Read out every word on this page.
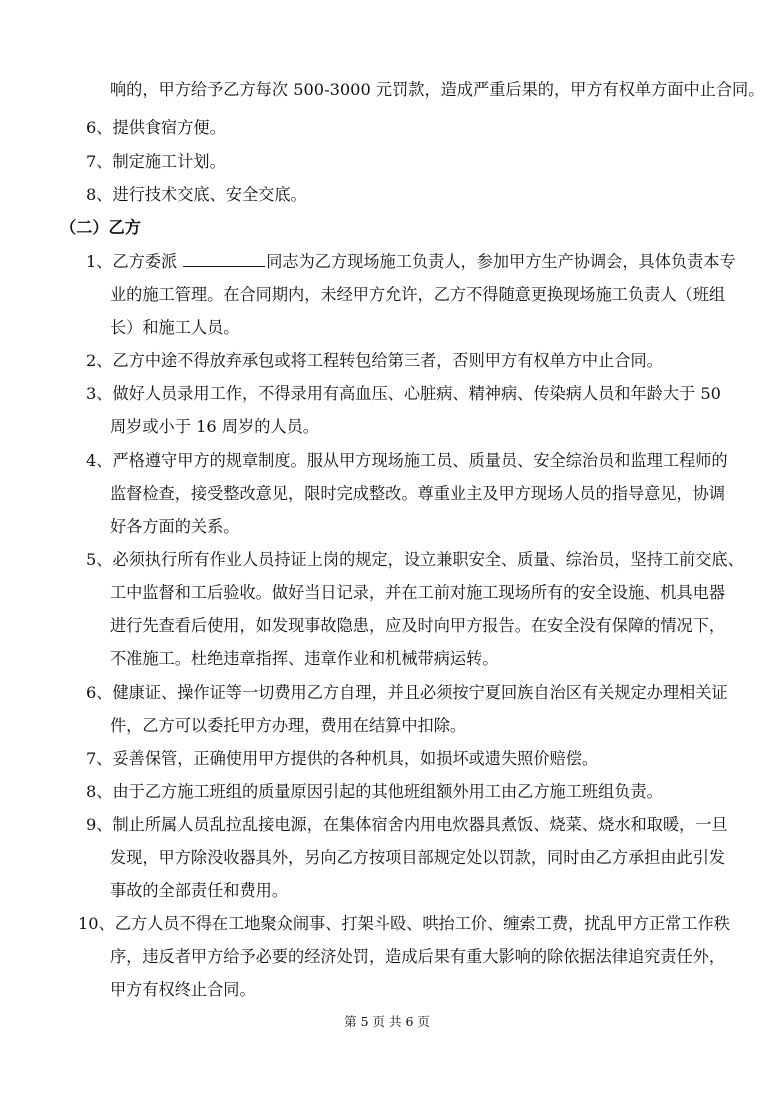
响的，甲方给予乙方每次 500-3000 元罚款，造成严重后果的，甲方有权单方面中止合同。
6、提供食宿方便。
7、制定施工计划。
8、进行技术交底、安全交底。
（二）乙方
1、乙方委派	同志为乙方现场施工负责人，参加甲方生产协调会，具体负责本专
业的施工管理。在合同期内，未经甲方允许，乙方不得随意更换现场施工负责人（班组
长）和施工人员。
2、乙方中途不得放弃承包或将工程转包给第三者，否则甲方有权单方中止合同。
3、做好人员录用工作，不得录用有高血压、心脏病、精神病、传染病人员和年龄大于 50
周岁或小于 16 周岁的人员。
4、严格遵守甲方的规章制度。服从甲方现场施工员、质量员、安全综治员和监理工程师的
监督检查，接受整改意见，限时完成整改。尊重业主及甲方现场人员的指导意见，协调
好各方面的关系。
5、必须执行所有作业人员持证上岗的规定，设立兼职安全、质量、综治员，坚持工前交底、
工中监督和工后验收。做好当日记录，并在工前对施工现场所有的安全设施、机具电器
进行先查看后使用，如发现事故隐患，应及时向甲方报告。在安全没有保障的情况下，
不准施工。杜绝违章指挥、违章作业和机械带病运转。
6、健康证、操作证等一切费用乙方自理，并且必须按宁夏回族自治区有关规定办理相关证
件，乙方可以委托甲方办理，费用在结算中扣除。
7、妥善保管，正确使用甲方提供的各种机具，如损坏或遗失照价赔偿。
8、由于乙方施工班组的质量原因引起的其他班组额外用工由乙方施工班组负责。
9、制止所属人员乱拉乱接电源，在集体宿舍内用电炊器具煮饭、烧菜、烧水和取暖，一旦
发现，甲方除没收器具外，另向乙方按项目部规定处以罚款，同时由乙方承担由此引发
事故的全部责任和费用。
10、乙方人员不得在工地聚众闹事、打架斗殴、哄抬工价、缠索工费，扰乱甲方正常工作秩
序，违反者甲方给予必要的经济处罚，造成后果有重大影响的除依据法律追究责任外，
甲方有权终止合同。
第 5 页 共 6 页
